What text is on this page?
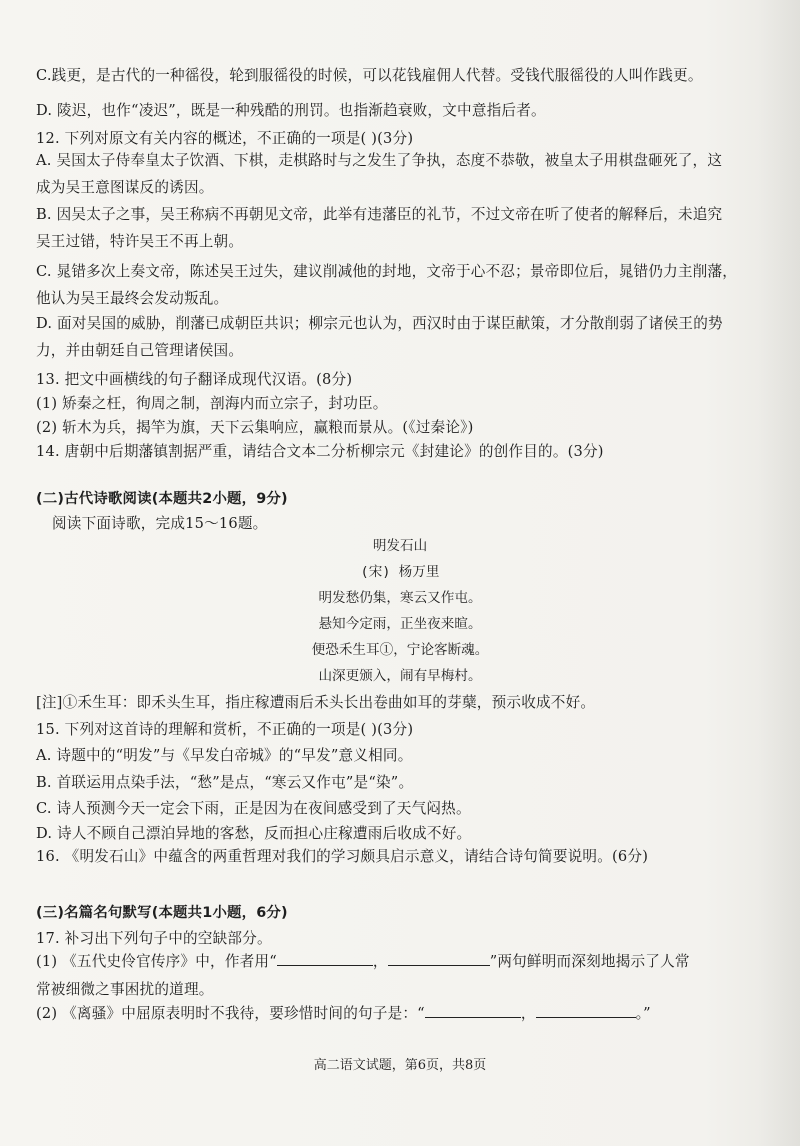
C.践更，是古代的一种徭役，轮到服徭役的时候，可以花钱雇佣人代替。受钱代服徭役的人叫作践更。
D. 陵迟，也作“凌迟”，既是一种残酷的刑罚。也指渐趋衰败，文中意指后者。
12. 下列对原文有关内容的概述，不正确的一项是( )(3分)
A. 吴国太子侍奉皇太子饮酒、下棋，走棋路时与之发生了争执，态度不恭敬，被皇太子用棋盘砸死了，这
成为吴王意图谋反的诱因。
B. 因吴太子之事，吴王称病不再朝见文帝，此举有违藩臣的礼节，不过文帝在听了使者的解释后，未追究
吴王过错，特许吴王不再上朝。
C. 晁错多次上奏文帝，陈述吴王过失，建议削减他的封地，文帝于心不忍；景帝即位后，晁错仍力主削藩，
他认为吴王最终会发动叛乱。
D. 面对吴国的威胁，削藩已成朝臣共识；柳宗元也认为，西汉时由于谋臣献策，才分散削弱了诸侯王的势
力，并由朝廷自己管理诸侯国。
13. 把文中画横线的句子翻译成现代汉语。(8分)
(1) 矫秦之枉，徇周之制，剖海内而立宗子，封功臣。
(2) 斩木为兵，揭竿为旗，天下云集响应，赢粮而景从。(《过秦论》)
14. 唐朝中后期藩镇割据严重，请结合文本二分析柳宗元《封建论》的创作目的。(3分)
(二)古代诗歌阅读(本题共2小题，9分)
阅读下面诗歌，完成15～16题。
明发石山
(宋) 杨万里
明发愁仍集，寒云又作屯。
悬知今定雨，正坐夜来暄。
便恐禾生耳①，宁论客断魂。
山深更颁入，闹有早梅村。
[注]①禾生耳：即禾头生耳，指庄稼遭雨后禾头长出卷曲如耳的芽蘖，预示收成不好。
15. 下列对这首诗的理解和赏析，不正确的一项是( )(3分)
A. 诗题中的“明发”与《早发白帝城》的“早发”意义相同。
B. 首联运用点染手法，“愁”是点，“寒云又作屯”是“染”。
C. 诗人预测今天一定会下雨，正是因为在夜间感受到了天气闷热。
D. 诗人不顾自己漂泊异地的客愁，反而担心庄稼遭雨后收成不好。
16. 《明发石山》中蕴含的两重哲理对我们的学习颇具启示意义，请结合诗句简要说明。(6分)
(三)名篇名句默写(本题共1小题，6分)
17. 补习出下列句子中的空缺部分。
(1) 《五代史伶官传序》中，作者用“	，	”两句鲜明而深刻地揭示了人常
常被细微之事困扰的道理。
(2) 《离骚》中屈原表明时不我待，要珍惜时间的句子是：“	，	。”
高二语文试题，第6页，共8页
